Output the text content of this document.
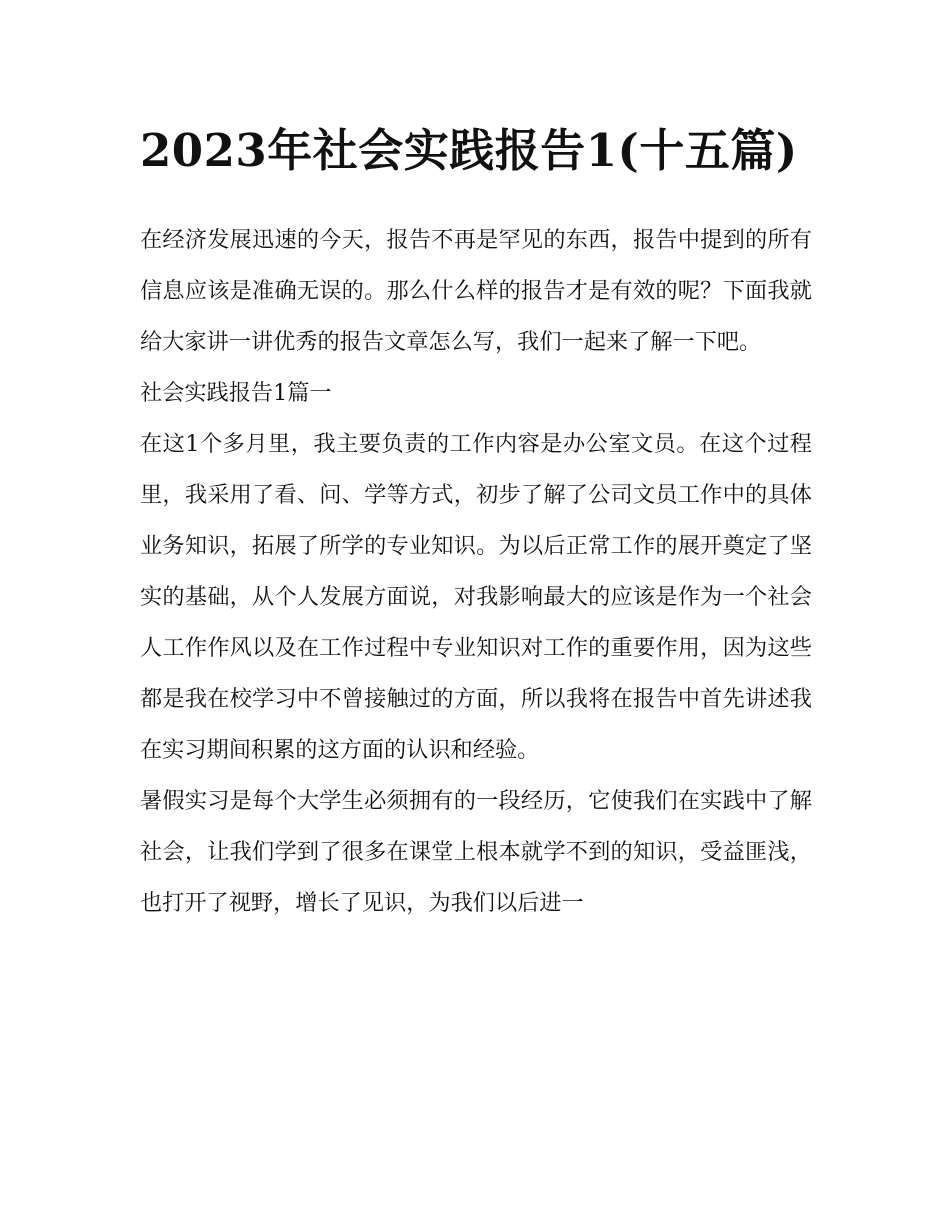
2023年社会实践报告1(十五篇)

在经济发展迅速的今天，报告不再是罕见的东西，报告中提到的所有信息应该是准确无误的。那么什么样的报告才是有效的呢？下面我就给大家讲一讲优秀的报告文章怎么写，我们一起来了解一下吧。

社会实践报告1篇一

在这1个多月里，我主要负责的工作内容是办公室文员。在这个过程里，我采用了看、问、学等方式，初步了解了公司文员工作中的具体业务知识，拓展了所学的专业知识。为以后正常工作的展开奠定了坚实的基础，从个人发展方面说，对我影响最大的应该是作为一个社会人工作作风以及在工作过程中专业知识对工作的重要作用，因为这些都是我在校学习中不曾接触过的方面，所以我将在报告中首先讲述我在实习期间积累的这方面的认识和经验。

暑假实习是每个大学生必须拥有的一段经历，它使我们在实践中了解社会，让我们学到了很多在课堂上根本就学不到的知识，受益匪浅，也打开了视野，增长了见识，为我们以后进一
